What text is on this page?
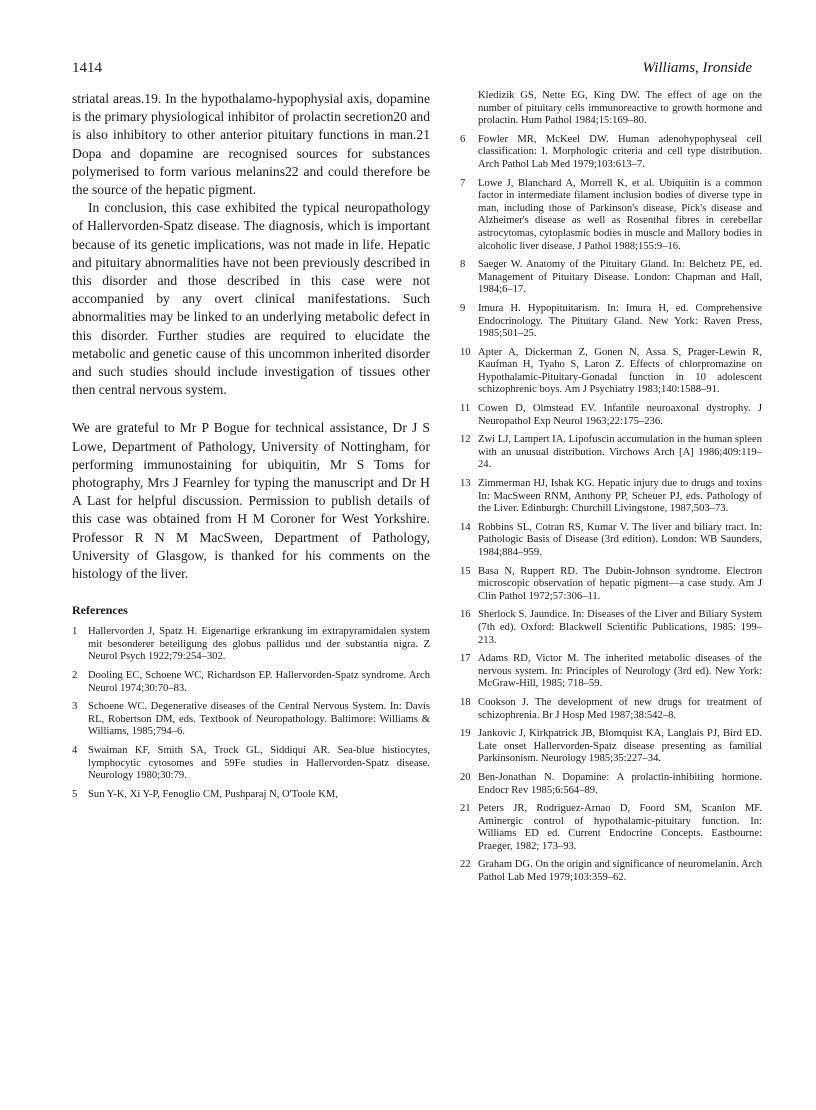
1414	Williams, Ironside

striatal areas.19. In the hypothalamo-hypophysial axis, dopamine is the primary physiological inhibitor of prolactin secretion20 and is also inhibitory to other anterior pituitary functions in man.21 Dopa and dopamine are recognised sources for substances polymerised to form various melanins22 and could therefore be the source of the hepatic pigment.

In conclusion, this case exhibited the typical neuropathology of Hallervorden-Spatz disease. The diagnosis, which is important because of its genetic implications, was not made in life. Hepatic and pituitary abnormalities have not been previously described in this disorder and those described in this case were not accompanied by any overt clinical manifestations. Such abnormalities may be linked to an underlying metabolic defect in this disorder. Further studies are required to elucidate the metabolic and genetic cause of this uncommon inherited disorder and such studies should include investigation of tissues other then central nervous system.

We are grateful to Mr P Bogue for technical assistance, Dr J S Lowe, Department of Pathology, University of Nottingham, for performing immunostaining for ubiquitin, Mr S Toms for photography, Mrs J Fearnley for typing the manuscript and Dr H A Last for helpful discussion. Permission to publish details of this case was obtained from H M Coroner for West Yorkshire. Professor R N M MacSween, Department of Pathology, University of Glasgow, is thanked for his comments on the histology of the liver.

References
1	Hallervorden J, Spatz H. Eigenartige erkrankung im extrapyramidalen system mit besonderer beteiligung des globus pallidus und der substantia nigra. Z Neurol Psych 1922;79:254–302.
2	Dooling EC, Schoene WC, Richardson EP. Hallervorden-Spatz syndrome. Arch Neurol 1974;30:70–83.
3	Schoene WC. Degenerative diseases of the Central Nervous System. In: Davis RL, Robertson DM, eds. Textbook of Neuropathology. Baltimore: Williams & Williams, 1985;794–6.
4	Swaiman KF, Smith SA, Trock GL, Siddiqui AR. Sea-blue histiocytes, lymphocytic cytosomes and 59Fe studies in Hallervorden-Spatz disease. Neurology 1980;30:79.
5	Sun Y-K, Xi Y-P, Fenoglio CM, Pushparaj N, O'Toole KM,
Kledizik GS, Nette EG, King DW. The effect of age on the number of pituitary cells immunoreactive to growth hormone and prolactin. Hum Pathol 1984;15:169–80.
6	Fowler MR, McKeel DW. Human adenohypophyseal cell classification: I. Morphologic criteria and cell type distribution. Arch Pathol Lab Med 1979;103:613–7.
7	Lowe J, Blanchard A, Morrell K, et al. Ubiquitin is a common factor in intermediate filament inclusion bodies of diverse type in man, including those of Parkinson's disease, Pick's disease and Alzheimer's disease as well as Rosenthal fibres in cerebellar astrocytomas, cytoplasmic bodies in muscle and Mallory bodies in alcoholic liver disease. J Pathol 1988;155:9–16.
8	Saeger W. Anatomy of the Pituitary Gland. In: Belchetz PE, ed. Management of Pituitary Disease. London: Chapman and Hall, 1984;6–17.
9	Imura H. Hypopituitarism. In: Imura H, ed. Comprehensive Endocrinology. The Pituitary Gland. New York: Raven Press, 1985;501–25.
10 Apter A, Dickerman Z, Gonen N, Assa S, Prager-Lewin R, Kaufman H, Tyaho S, Laron Z. Effects of chlorpromazine on Hypothalamic-Pituitary-Gonadal function in 10 adolescent schizophrenic boys. Am J Psychiatry 1983;140:1588–91.
11 Cowen D, Olmstead EV. Infantile neuroaxonal dystrophy. J Neuropathol Exp Neurol 1963;22:175–236.
12 Zwi LJ, Lampert IA. Lipofuscin accumulation in the human spleen with an unusual distribution. Virchows Arch [A] 1986;409:119–24.
13 Zimmerman HJ, Ishak KG. Hepatic injury due to drugs and toxins In: MacSween RNM, Anthony PP, Scheuer PJ, eds. Pathology of the Liver. Edinburgh: Churchill Livingstone, 1987,503–73.
14 Robbins SL, Cotran RS, Kumar V. The liver and biliary tract. In: Pathologic Basis of Disease (3rd edition). London: WB Saunders, 1984;884–959.
15 Basa N, Ruppert RD. The Dubin-Johnson syndrome. Electron microscopic observation of hepatic pigment—a case study. Am J Clin Pathol 1972;57:306–11.
16 Sherlock S. Jaundice. In: Diseases of the Liver and Biliary System (7th ed). Oxford: Blackwell Scientific Publications, 1985: 199–213.
17 Adams RD, Victor M. The inherited metabolic diseases of the nervous system. In: Principles of Neurology (3rd ed). New York: McGraw-Hill, 1985; 718–59.
18 Cookson J. The development of new drugs for treatment of schizophrenia. Br J Hosp Med 1987;38:542–8.
19 Jankovic J, Kirkpatrick JB, Blomquist KA, Langlais PJ, Bird ED. Late onset Hallervorden-Spatz disease presenting as familial Parkinsonism. Neurology 1985;35:227–34.
20 Ben-Jonathan N. Dopamine: A prolactin-inhibiting hormone. Endocr Rev 1985;6:564–89.
21 Peters JR, Rodriguez-Arnao D, Foord SM, Scanlon MF. Aminergic control of hypothalamic-pituitary function. In: Williams ED ed. Current Endocrine Concepts. Eastbourne: Praeger, 1982; 173–93.
22 Graham DG. On the origin and significance of neuromelanin. Arch Pathol Lab Med 1979;103:359–62.
